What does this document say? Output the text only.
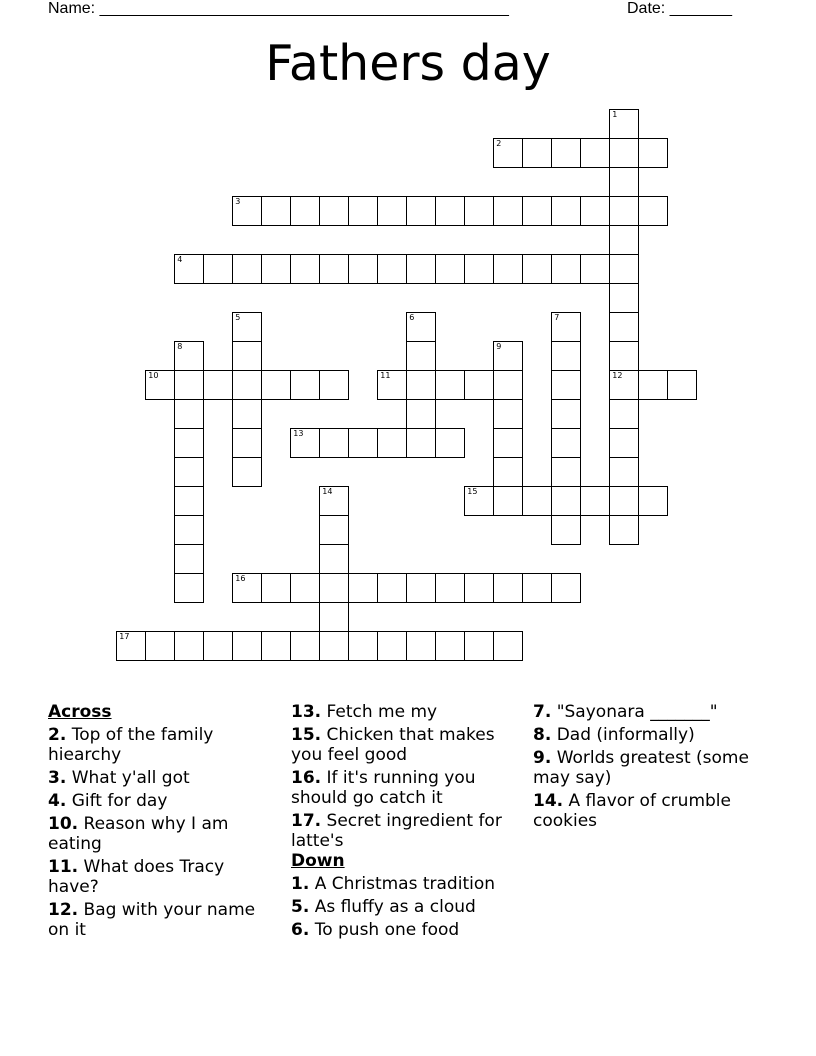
Name: ______________________________________________	Date: _______
Fathers day
1
12
2
3
4
5	6	7
8	9
10	11
13
14	15
16
17
Across
2. Top of the family hiearchy
3. What y'all got
4. Gift for day
10. Reason why I am eating
11. What does Tracy have?
12. Bag with your name on it
13. Fetch me my
15. Chicken that makes you feel good
16. If it's running you should go catch it
17. Secret ingredient for latte's
Down
1. A Christmas tradition
5. As fluffy as a cloud
6. To push one food
7. "Sayonara _______"
8. Dad (informally)
9. Worlds greatest (some may say)
14. A flavor of crumble cookies
